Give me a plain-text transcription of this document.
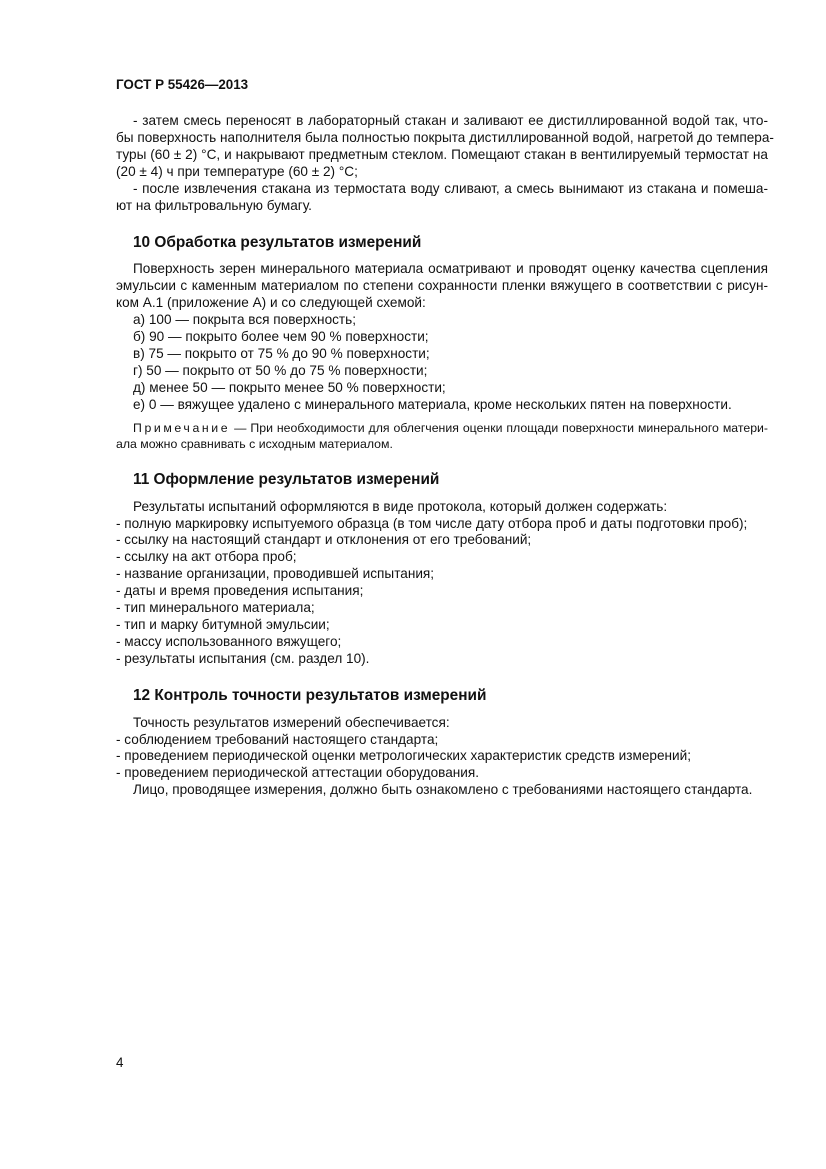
ГОСТ Р 55426—2013
- затем смесь переносят в лабораторный стакан и заливают ее дистиллированной водой так, что-
бы поверхность наполнителя была полностью покрыта дистиллированной водой, нагретой до темпера-
туры (60 ± 2) °С, и накрывают предметным стеклом. Помещают стакан в вентилируемый термостат на
(20 ± 4) ч при температуре (60 ± 2) °С;
- после извлечения стакана из термостата воду сливают, а смесь вынимают из стакана и помеша-
ют на фильтровальную бумагу.
10 Обработка результатов измерений
Поверхность зерен минерального материала осматривают и проводят оценку качества сцепления
эмульсии с каменным материалом по степени сохранности пленки вяжущего в соответствии с рисун-
ком А.1 (приложение А) и со следующей схемой:
а) 100 — покрыта вся поверхность;
б) 90 — покрыто более чем 90 % поверхности;
в) 75 — покрыто от 75 % до 90 % поверхности;
г) 50 — покрыто от 50 % до 75 % поверхности;
д) менее 50 — покрыто менее 50 % поверхности;
е) 0 — вяжущее удалено с минерального материала, кроме нескольких пятен на поверхности.
Примечание — При необходимости для облегчения оценки площади поверхности минерального матери-
ала можно сравнивать с исходным материалом.
11 Оформление результатов измерений
Результаты испытаний оформляются в виде протокола, который должен содержать:
- полную маркировку испытуемого образца (в том числе дату отбора проб и даты подготовки проб);
- ссылку на настоящий стандарт и отклонения от его требований;
- ссылку на акт отбора проб;
- название организации, проводившей испытания;
- даты и время проведения испытания;
- тип минерального материала;
- тип и марку битумной эмульсии;
- массу использованного вяжущего;
- результаты испытания (см. раздел 10).
12 Контроль точности результатов измерений
Точность результатов измерений обеспечивается:
- соблюдением требований настоящего стандарта;
- проведением периодической оценки метрологических характеристик средств измерений;
- проведением периодической аттестации оборудования.
Лицо, проводящее измерения, должно быть ознакомлено с требованиями настоящего стандарта.
4
